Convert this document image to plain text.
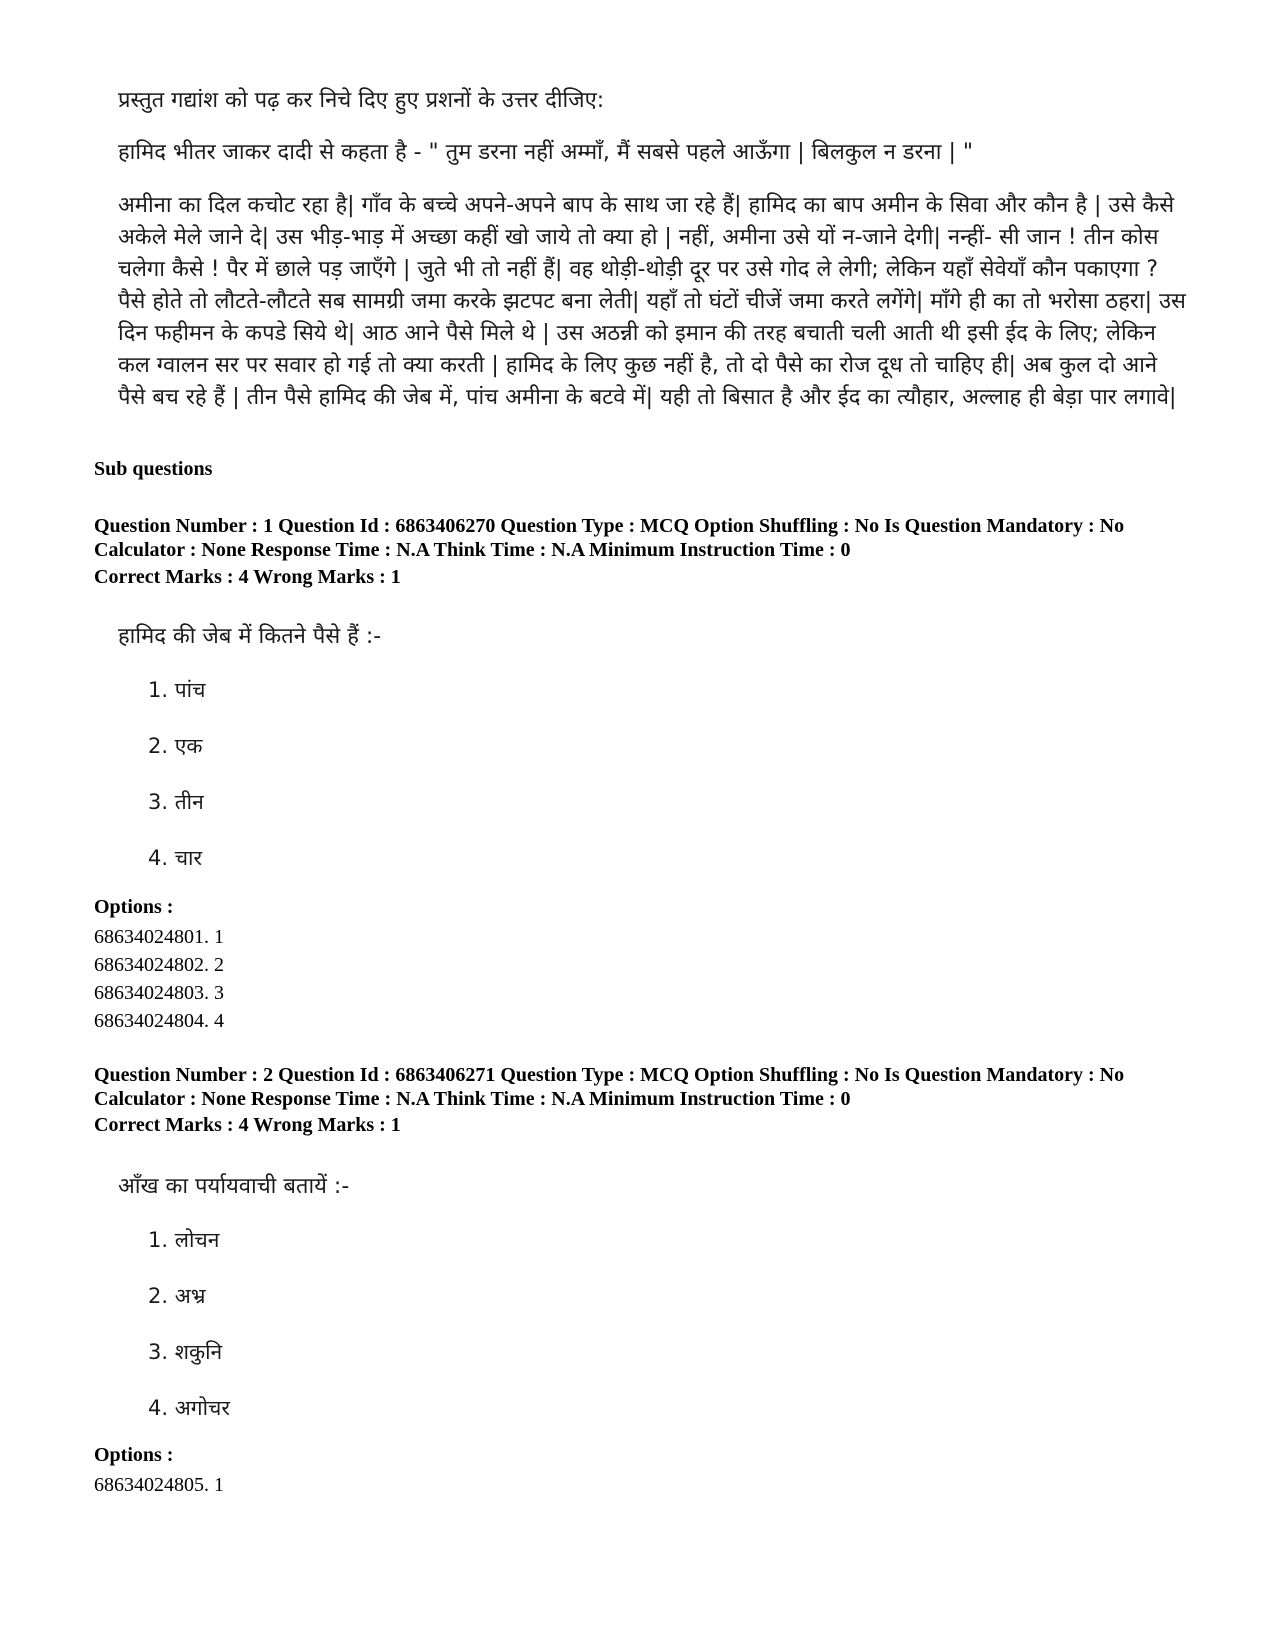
प्रस्तुत गद्यांश को पढ़ कर निचे दिए हुए प्रशनों के उत्तर दीजिए:

हामिद भीतर जाकर दादी से कहता है - " तुम डरना नहीं अम्माँ, मैं सबसे पहले आऊँगा | बिलकुल न डरना | "

अमीना का दिल कचोट रहा है| गाँव के बच्चे अपने-अपने बाप के साथ जा रहे हैं| हामिद का बाप अमीन के सिवा और कौन है | उसे कैसे अकेले मेले जाने दे| उस भीड़-भाड़ में अच्छा कहीं खो जाये तो क्या हो | नहीं, अमीना उसे यों न-जाने देगी| नन्हीं- सी जान ! तीन कोस चलेगा कैसे ! पैर में छाले पड़ जाएँगे | जुते भी तो नहीं हैं| वह थोड़ी-थोड़ी दूर पर उसे गोद ले लेगी; लेकिन यहाँ सेवेयाँ कौन पकाएगा ? पैसे होते तो लौटते-लौटते सब सामग्री जमा करके झटपट बना लेती| यहाँ तो घंटों चीजें जमा करते लगेंगे| माँगे ही का तो भरोसा ठहरा| उस दिन फहीमन के कपडे सिये थे| आठ आने पैसे मिले थे | उस अठन्नी को इमान की तरह बचाती चली आती थी इसी ईद के लिए; लेकिन कल ग्वालन सर पर सवार हो गई तो क्या करती | हामिद के लिए कुछ नहीं है, तो दो पैसे का रोज दूध तो चाहिए ही| अब कुल दो आने पैसे बच रहे हैं | तीन पैसे हामिद की जेब में, पांच अमीना के बटवे में| यही तो बिसात है और ईद का त्यौहार, अल्लाह ही बेड़ा पार लगावे|

Sub questions
Question Number : 1 Question Id : 6863406270 Question Type : MCQ Option Shuffling : No Is Question Mandatory : No
Calculator : None Response Time : N.A Think Time : N.A Minimum Instruction Time : 0
Correct Marks : 4 Wrong Marks : 1
हामिद की जेब में कितने पैसे हैं :-
1. पांच
2. एक
3. तीन
4. चार
Options :
68634024801. 1
68634024802. 2
68634024803. 3
68634024804. 4
Question Number : 2 Question Id : 6863406271 Question Type : MCQ Option Shuffling : No Is Question Mandatory : No
Calculator : None Response Time : N.A Think Time : N.A Minimum Instruction Time : 0
Correct Marks : 4 Wrong Marks : 1
आँख का पर्यायवाची बतायें :-
1. लोचन
2. अभ्र
3. शकुनि
4. अगोचर
Options :
68634024805. 1
